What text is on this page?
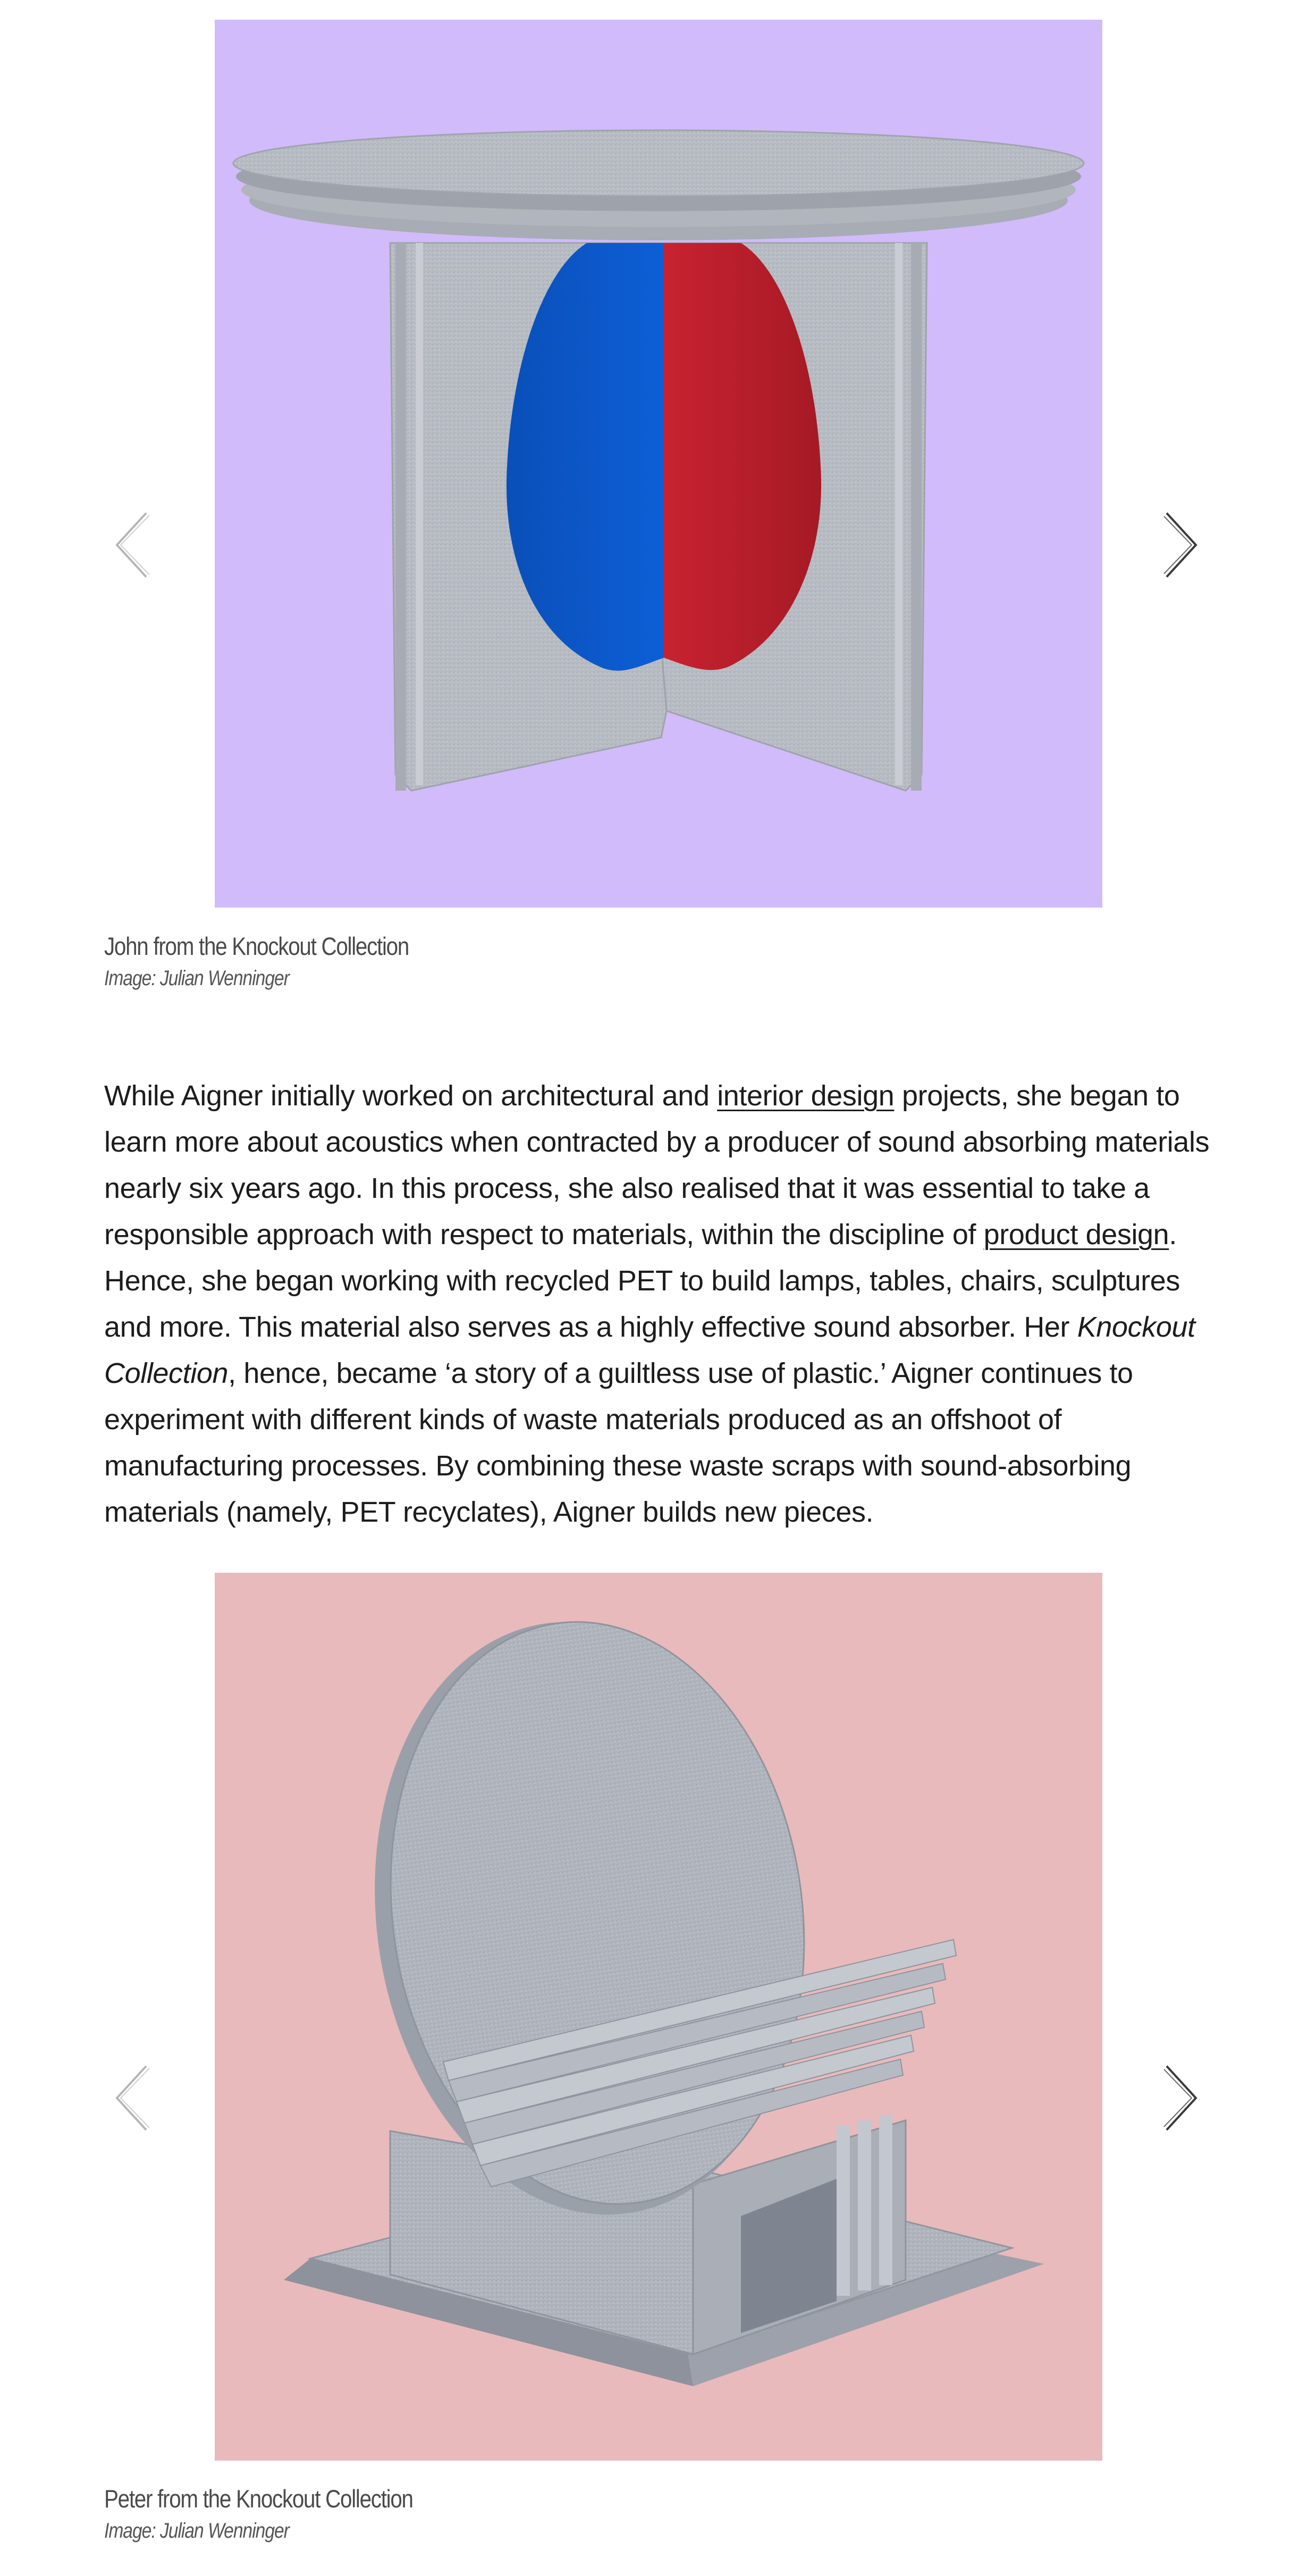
John from the Knockout Collection
Image: Julian Wenninger

While Aigner initially worked on architectural and interior design projects, she began to learn more about acoustics when contracted by a producer of sound absorbing materials nearly six years ago. In this process, she also realised that it was essential to take a responsible approach with respect to materials, within the discipline of product design. Hence, she began working with recycled PET to build lamps, tables, chairs, sculptures and more. This material also serves as a highly effective sound absorber. Her Knockout Collection, hence, became ‘a story of a guiltless use of plastic.’ Aigner continues to experiment with different kinds of waste materials produced as an offshoot of manufacturing processes. By combining these waste scraps with sound-absorbing materials (namely, PET recyclates), Aigner builds new pieces.

Peter from the Knockout Collection
Image: Julian Wenninger
